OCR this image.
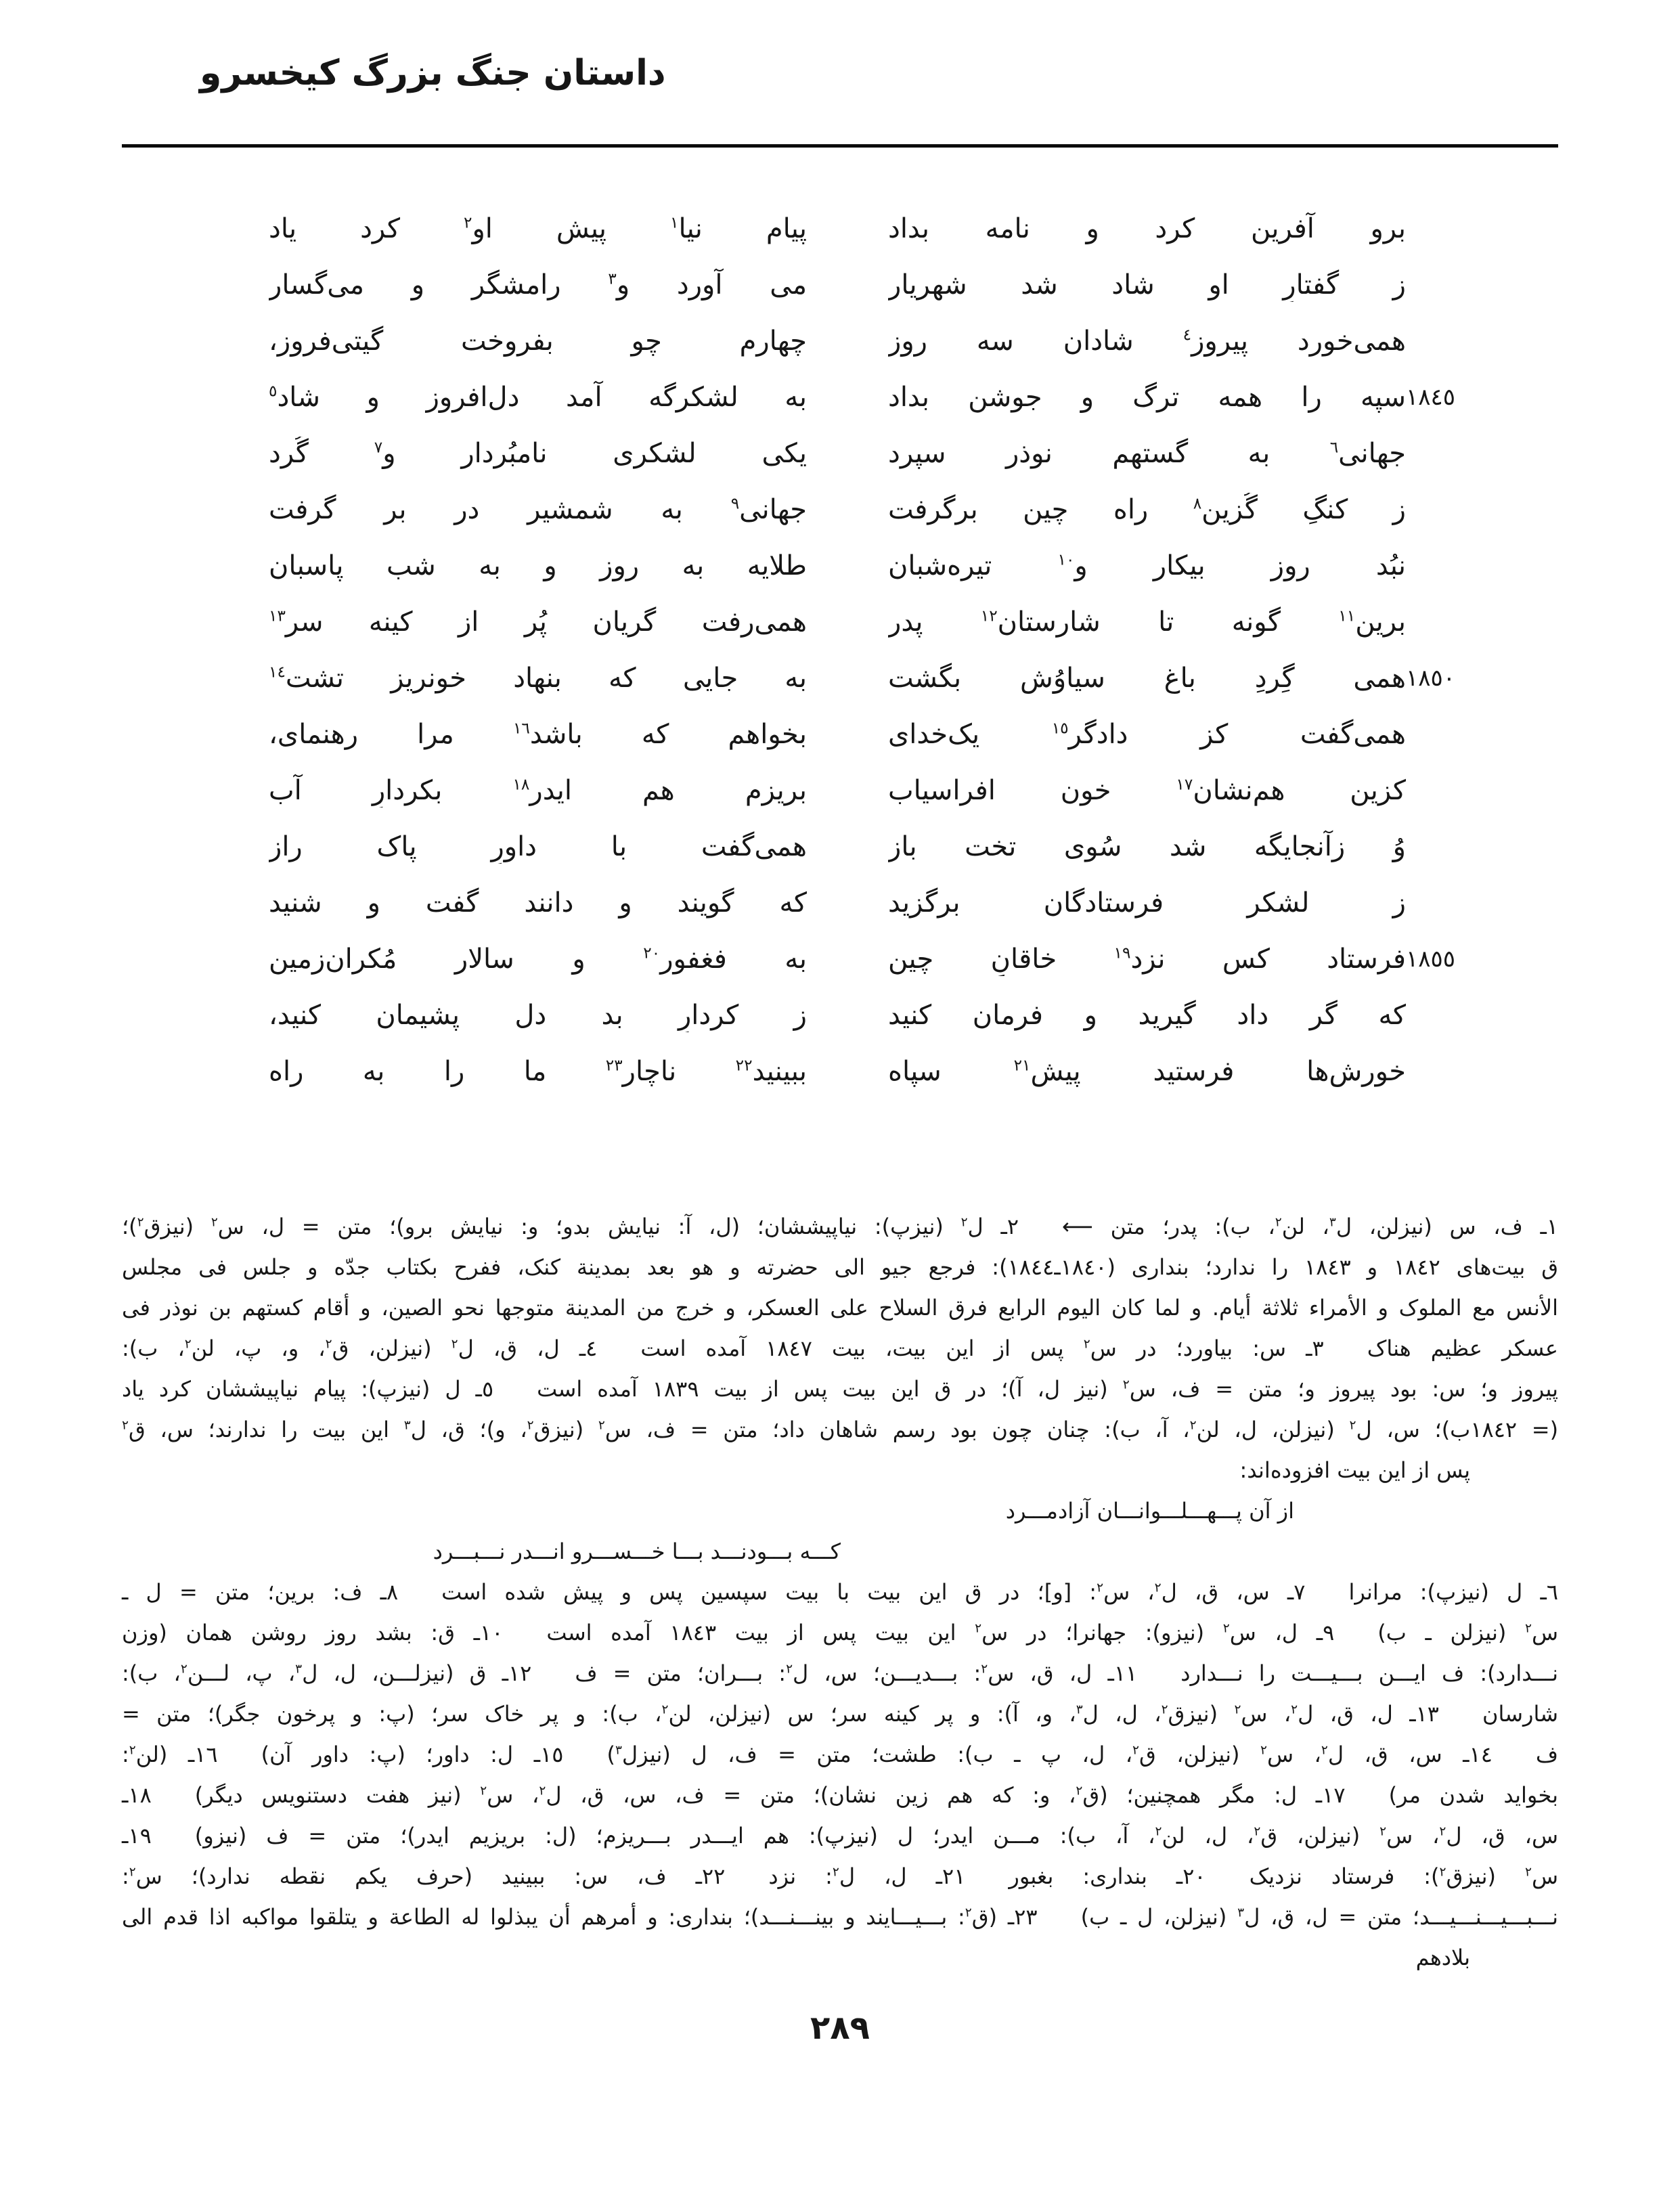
داستان جنگ بزرگ کیخسرو
برو آفرین کرد و نامه بداد
پیامِ نیا$^١$ پیش او$^٢$ کرد یاد
ز گفتارِ او شاد شد شهریار
می آورد و$^٣$ رامشگر و می‌گسار
همی‌خورد پیروز$^٤$ شادان سه روز
چهارم چو بفروخت گیتی‌فروز،
١٨٤٥
سپه را همه ترگ و جوشن بداد
به لشکرگه آمد دل‌افروز و شاد$^٥$
جهانی$^٦$ به گستهم نوذر سپرد
یکی لشکری نامبُردار و$^٧$ گُرد
ز کنگِ گُزین$^٨$ راه چین برگرفت
جهانی$^٩$ به شمشیر در بر گرفت
نبُد روز بیکار و$^{١٠}$ تیره‌شبان
طلایه به روز و به شب پاسبان
برین$^{١١}$ گونه تا شارستان$^{١٢}$ پدر
همی‌رفت گریان پُر از کینه سر$^{١٣}$
١٨٥٠
همی گِردِ باغِ سیاوُش بگشت
به جایی که بنهاد خونریز تشت$^{١٤}$
همی‌گفت کز دادگر$^{١٥}$ یک‌خدای
بخواهم که باشد$^{١٦}$ مرا رهنمای،
کزین هم‌نشان$^{١٧}$ خون افراسیاب
بریزم هم ایدر$^{١٨}$ بکردارِ آب
وُ زآنجایگه شد سُوی تخت باز
همی‌گفت با داورِ پاک راز
ز لشکر فرستادگان برگزید
که گویند و دانند گفت و شنید
١٨٥٥
فرستاد کس نزد$^{١٩}$ خاقانِ چین
به فغفور$^{٢٠}$ و سالار مُکران‌زمین
که گر داد گیرید و فرمان کنید
ز کردارِ بد دل پشیمان کنید،
خورش‌ها فرستید پیش$^{٢١}$ سپاه
ببینید$^{٢٢}$ ناچار$^{٢٣}$ ما را به راه
١ـ ف، س (نیزلن، ل$^٣$، لن$^٢$، ب): پدر؛ متن ⟵  ٢ـ ل$^٢$ (نیزپ): نیاپیششان؛ (ل، آ: نیایش بدو؛ و: نیایش برو)؛ متن = ل، س$^٢$ (نیزق$^٢$)؛
ق بیت‌های ١٨٤٢ و ١٨٤٣ را ندارد؛ بنداری (١٨٤٠ـ١٨٤٤): فرجع جیو الی حضرته و هو بعد بمدینة کنک، ففرح بکتاب جدّه و جلس فی مجلس
الأنس مع الملوک و الأمراء ثلاثة أیام. و لما کان الیوم الرابع فرق السلاح علی العسکر، و خرج من المدینة متوجها نحو الصین، و أقام کستهم بن نوذر فی
عسکر عظیم هناک  ٣ـ س: بیاورد؛ در س$^٢$ پس از این بیت، بیت ١٨٤٧ آمده است  ٤ـ ل، ق، ل$^٢$ (نیزلن، ق$^٢$، و، پ، لن$^٢$، ب):
پیروز و؛ س: بود پیروز و؛ متن = ف، س$^٢$ (نیز ل، آ)؛ در ق این بیت پس از بیت ١٨٣٩ آمده است  ٥ـ ل (نیزپ): پیام نیاپیششان کرد یاد
(= ١٨٤٢ب)؛ س، ل$^٢$ (نیزلن، ل، لن$^٢$، آ، ب): چنان چون بود رسم شاهان داد؛ متن = ف، س$^٢$ (نیزق$^٢$، و)؛ ق، ل$^٣$ این بیت را ندارند؛ س، ق$^٢$
پس از این بیت افزوده‌اند:
از آن پـــهـــلـــوانـــان آزادمـــرد
کـــه بـــودنـــد بـــا خـــســـرو انـــدر نـــبـــرد
٦ـ ل (نیزپ): مرانرا  ٧ـ س، ق، ل$^٢$، س$^٢$: [و]؛ در ق این بیت با بیت سپسین پس و پیش شده است  ٨ـ ف: برین؛ متن = ل ـ
س$^٢$ (نیزلن ـ ب)  ٩ـ ل، س$^٢$ (نیزو): جهانرا؛ در س$^٢$ این بیت پس از بیت ١٨٤٣ آمده است  ١٠ـ ق: بشد روز روشن همان (وزن
نـــدارد): ف ایـــن بـــیـــت را نـــدارد  ١١ـ ل، ق، س$^٢$: بـــدیـــن؛ س، ل$^٢$: بـــران؛ متن = ف  ١٢ـ ق (نیزلـــن، ل، ل$^٣$، پ، لـــن$^٢$، ب):
شارسان  ١٣ـ ل، ق، ل$^٢$، س$^٢$ (نیزق$^٢$، ل، ل$^٣$، و، آ): و پر کینه سر؛ س (نیزلن، لن$^٢$، ب): و پر خاک سر؛ (پ: و پرخون جگر)؛ متن =
ف  ١٤ـ س، ق، ل$^٢$، س$^٢$ (نیزلن، ق$^٢$، ل، پ ـ ب): طشت؛ متن = ف، ل (نیزل$^٣$)  ١٥ـ ل: داور؛ (پ: داور آن)  ١٦ـ (لن$^٢$:
بخواید شدن مر)  ١٧ـ ل: مگر همچنین؛ (ق$^٢$، و: که هم زین نشان)؛ متن = ف، س، ق، ل$^٢$، س$^٢$ (نیز هفت دستنویس دیگر)  ١٨ـ
س، ق، ل$^٢$، س$^٢$ (نیزلن، ق$^٢$، ل، لن$^٢$، آ، ب): مـــن ایدر؛ ل (نیزپ): هم ایـــدر بـــریزم؛ (ل: بریزیم ایدر)؛ متن = ف (نیزو)  ١٩ـ
س$^٢$ (نیزق$^٢$): فرستاد نزدیک  ٢٠ـ بنداری: بغبور  ٢١ـ ل، ل$^٢$: نزد  ٢٢ـ ف، س: ببینید (حرف یکم نقطه ندارد)؛ س$^٢$:
نـــبـــیـــنـــیـــد؛ متن = ل، ق، ل$^٣$ (نیزلن، ل ـ ب)  ٢٣ـ (ق$^٢$: بـــیـــایند و بینـــنـــد)؛ بنداری: و أمرهم أن یبذلوا له الطاعة و یتلقوا مواکبه اذا قدم الی
بلادهم
٢٨٩
